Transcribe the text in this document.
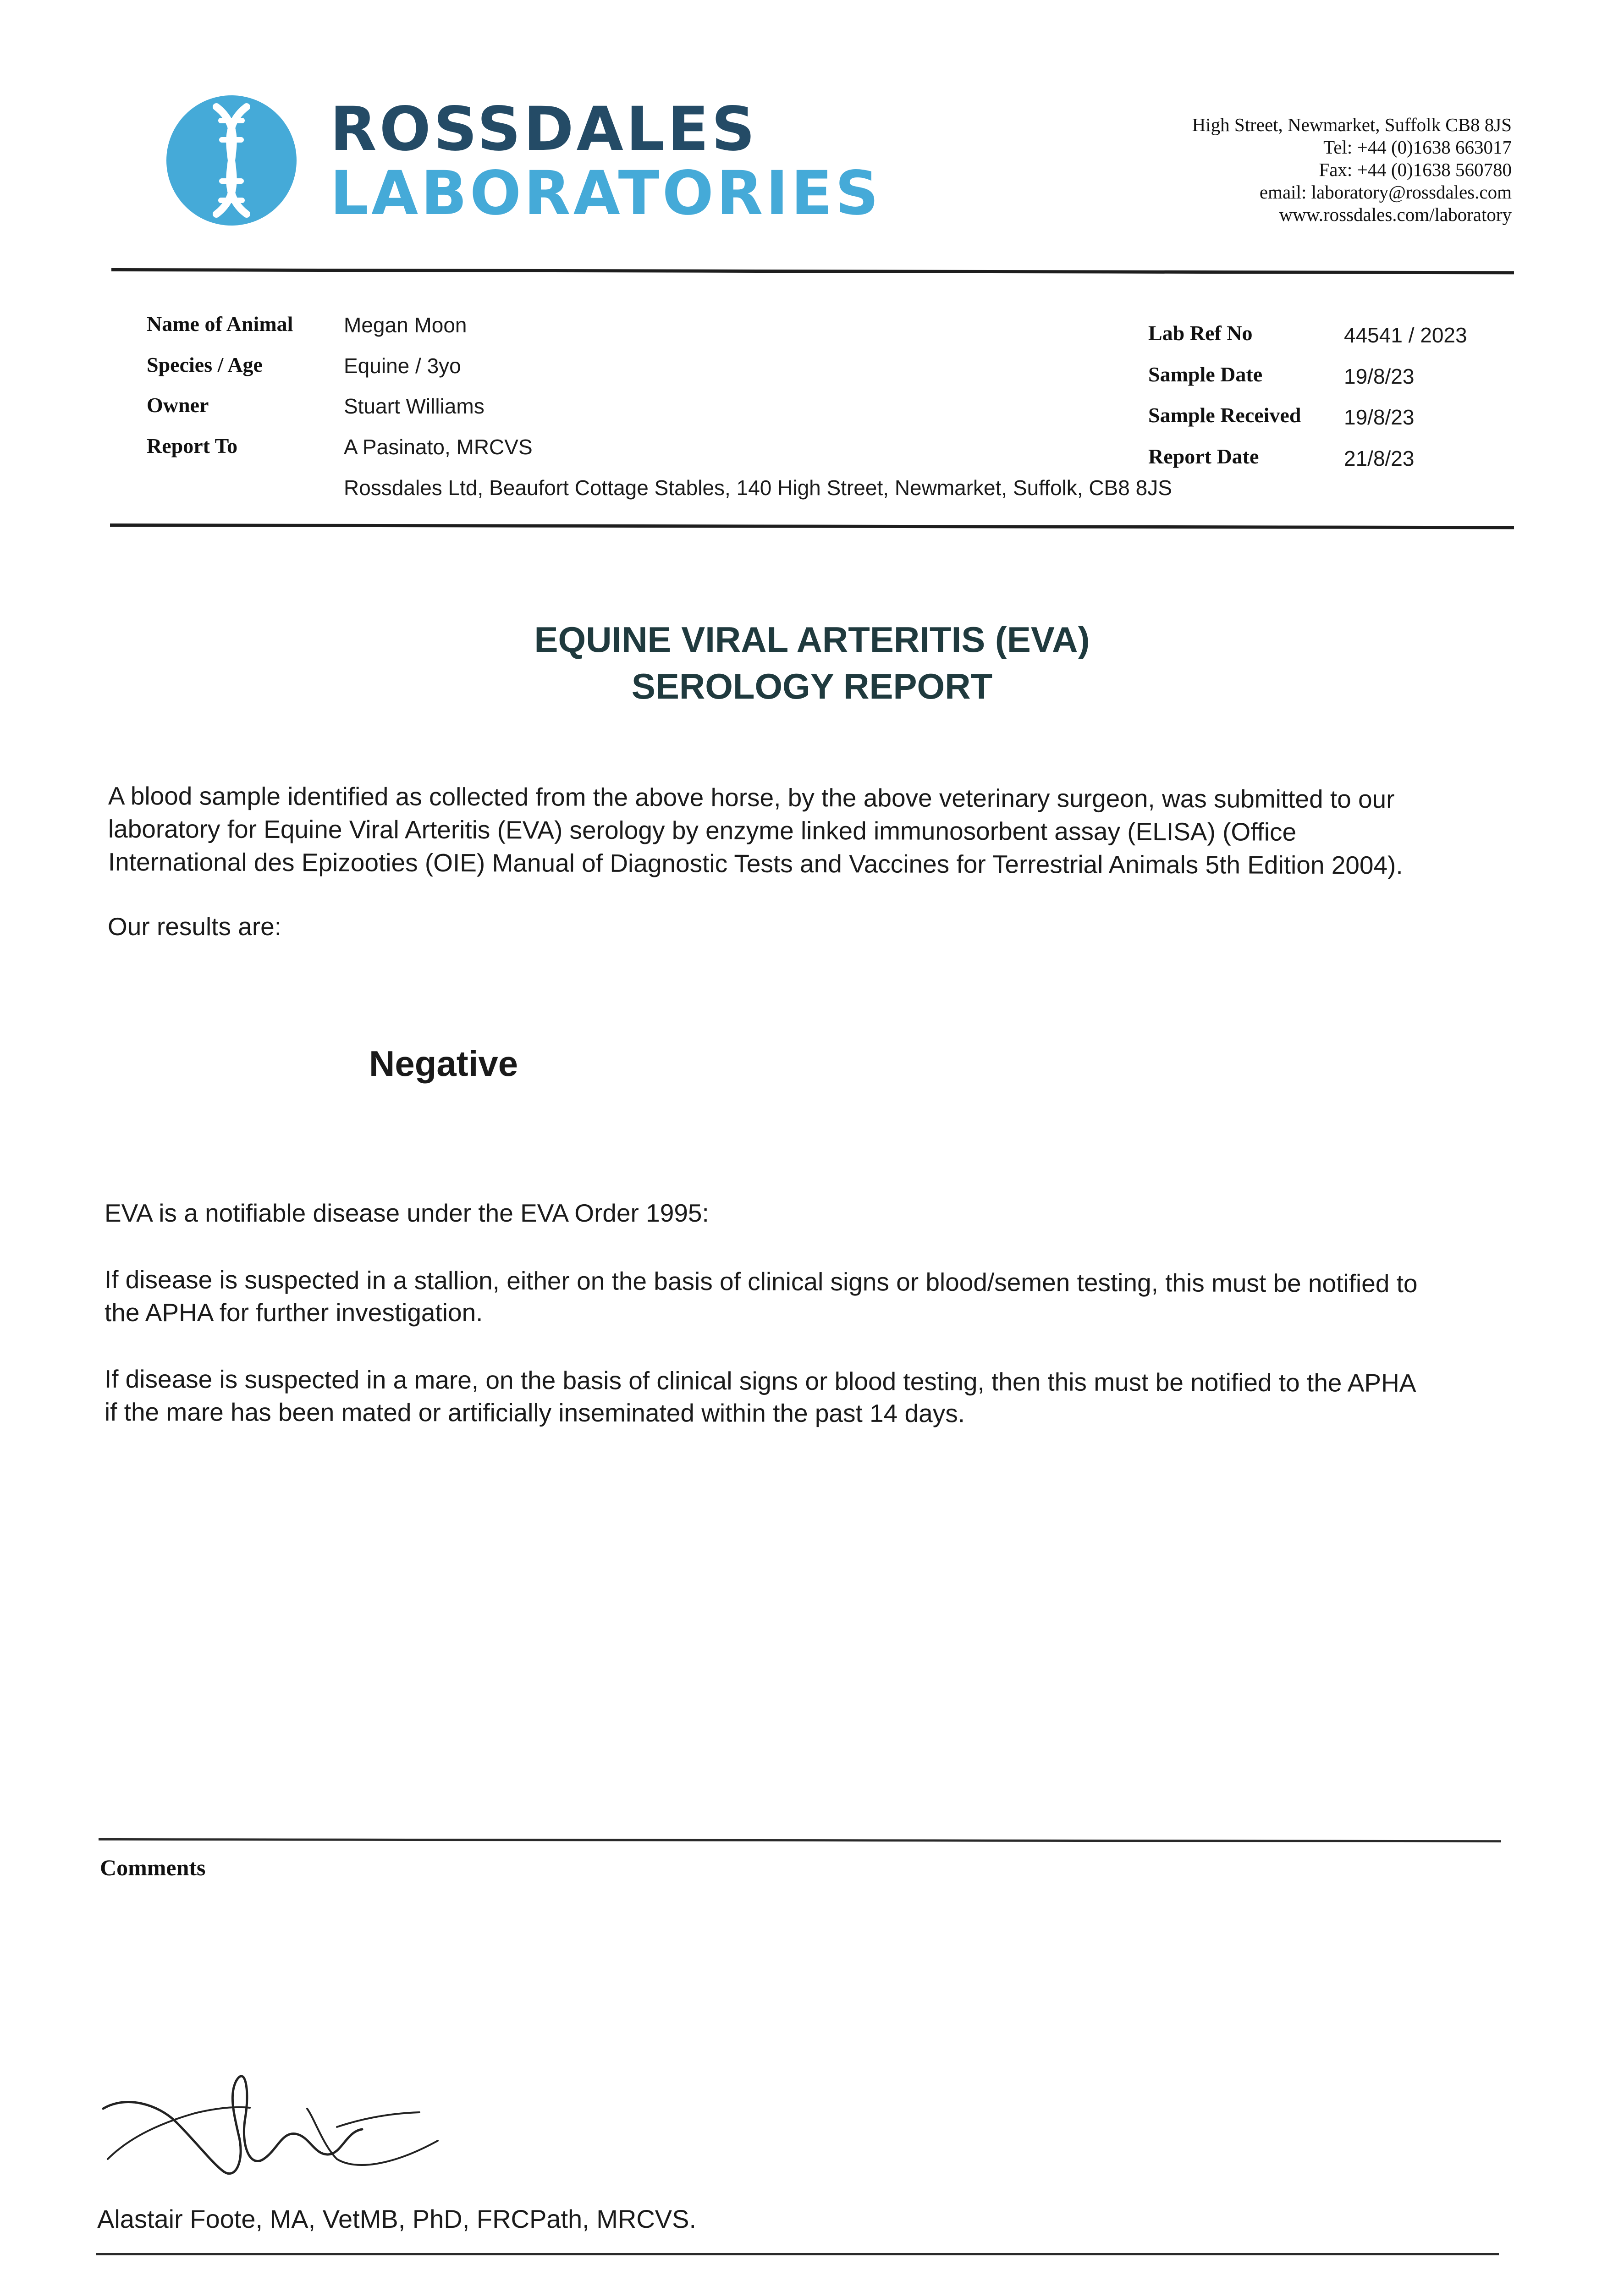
ROSSDALES
LABORATORIES
High Street, Newmarket, Suffolk CB8 8JS
Tel: +44 (0)1638 663017
Fax: +44 (0)1638 560780
email: laboratory@rossdales.com
www.rossdales.com/laboratory
Name of Animal Megan Moon
Species / Age	Equine / 3yo
Owner	Stuart Williams
Report To	A Pasinato, MRCVS
Rossdales Ltd, Beaufort Cottage Stables, 140 High Street, Newmarket, Suffolk, CB8 8JS
Lab Ref No	44541 / 2023
Sample Date	19/8/23
Sample Received 19/8/23
Report Date	21/8/23
EQUINE VIRAL ARTERITIS (EVA)
SEROLOGY REPORT
A blood sample identified as collected from the above horse, by the above veterinary surgeon, was submitted to our
laboratory for Equine Viral Arteritis (EVA) serology by enzyme linked immunosorbent assay (ELISA) (Office
International des Epizooties (OIE) Manual of Diagnostic Tests and Vaccines for Terrestrial Animals 5th Edition 2004).
Our results are:
Negative
EVA is a notifiable disease under the EVA Order 1995:
If disease is suspected in a stallion, either on the basis of clinical signs or blood/semen testing, this must be notified to
the APHA for further investigation.
If disease is suspected in a mare, on the basis of clinical signs or blood testing, then this must be notified to the APHA
if the mare has been mated or artificially inseminated within the past 14 days.
Comments
Alastair Foote, MA, VetMB, PhD, FRCPath, MRCVS.
